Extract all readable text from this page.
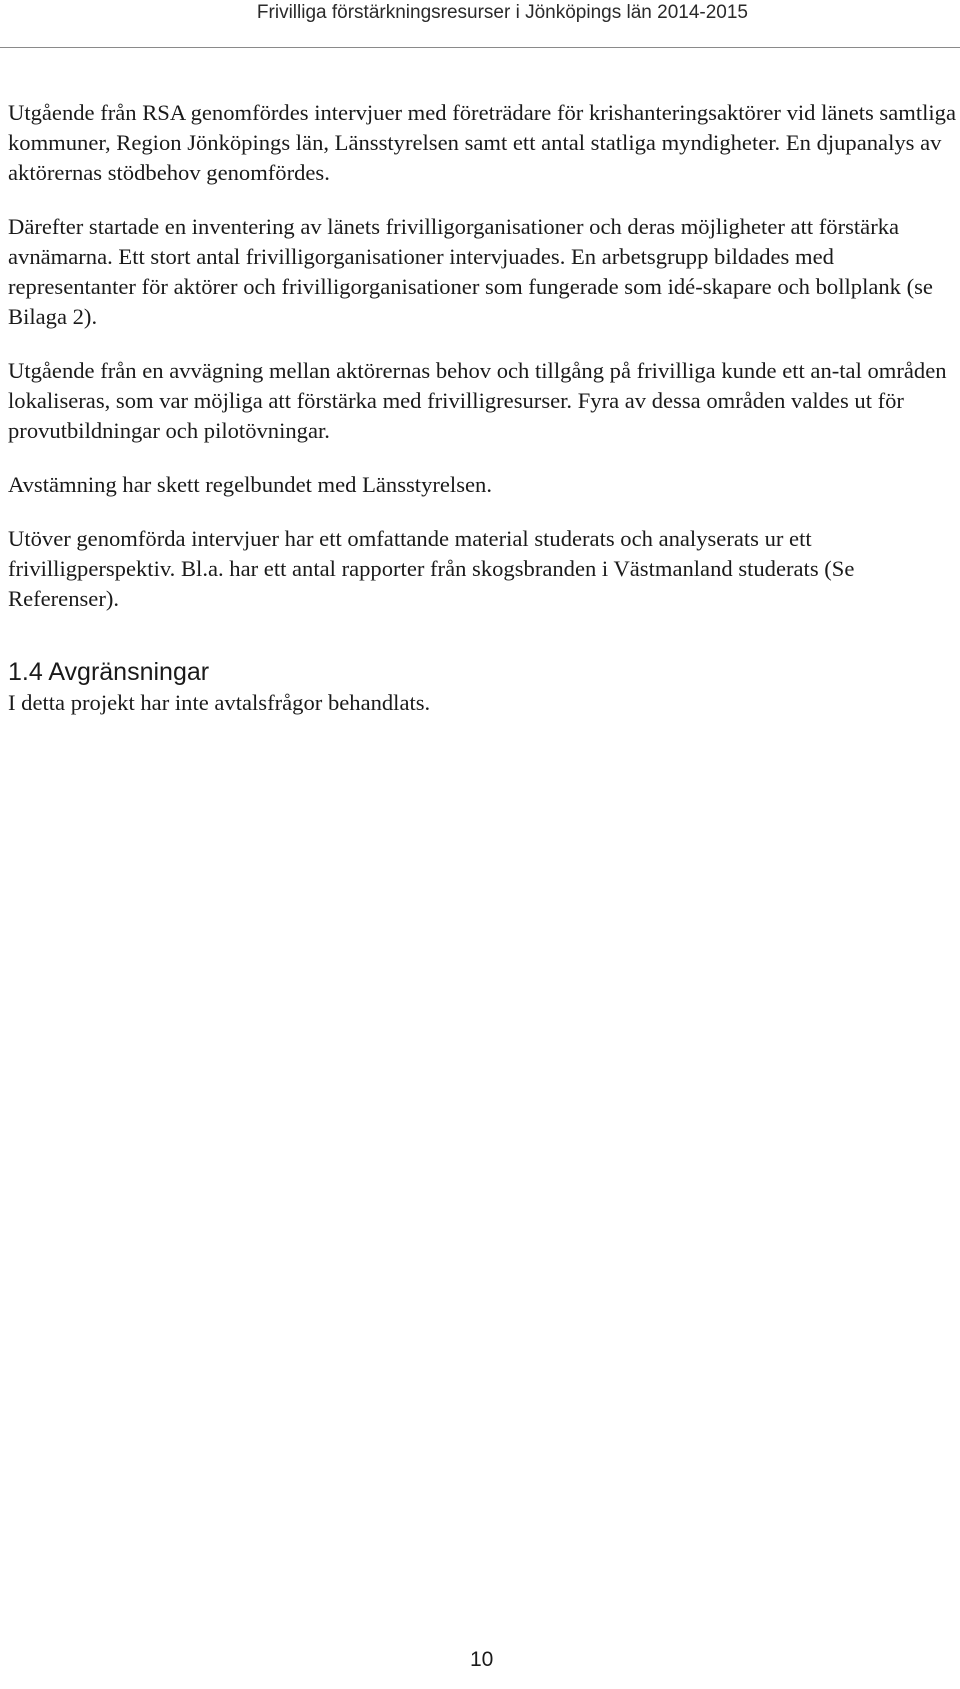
Frivilliga förstärkningsresurser i Jönköpings län 2014-2015

Utgående från RSA genomfördes intervjuer med företrädare för krishanteringsaktörer vid länets samtliga kommuner, Region Jönköpings län, Länsstyrelsen samt ett antal statliga myndigheter. En djupanalys av aktörernas stödbehov genomfördes.

Därefter startade en inventering av länets frivilligorganisationer och deras möjligheter att förstärka avnämarna. Ett stort antal frivilligorganisationer intervjuades. En arbetsgrupp bildades med representanter för aktörer och frivilligorganisationer som fungerade som idé-skapare och bollplank (se Bilaga 2).

Utgående från en avvägning mellan aktörernas behov och tillgång på frivilliga kunde ett an-tal områden lokaliseras, som var möjliga att förstärka med frivilligresurser. Fyra av dessa områden valdes ut för provutbildningar och pilotövningar.

Avstämning har skett regelbundet med Länsstyrelsen.

Utöver genomförda intervjuer har ett omfattande material studerats och analyserats ur ett frivilligperspektiv. Bl.a. har ett antal rapporter från skogsbranden i Västmanland studerats (Se Referenser).

1.4 Avgränsningar

I detta projekt har inte avtalsfrågor behandlats.

10
